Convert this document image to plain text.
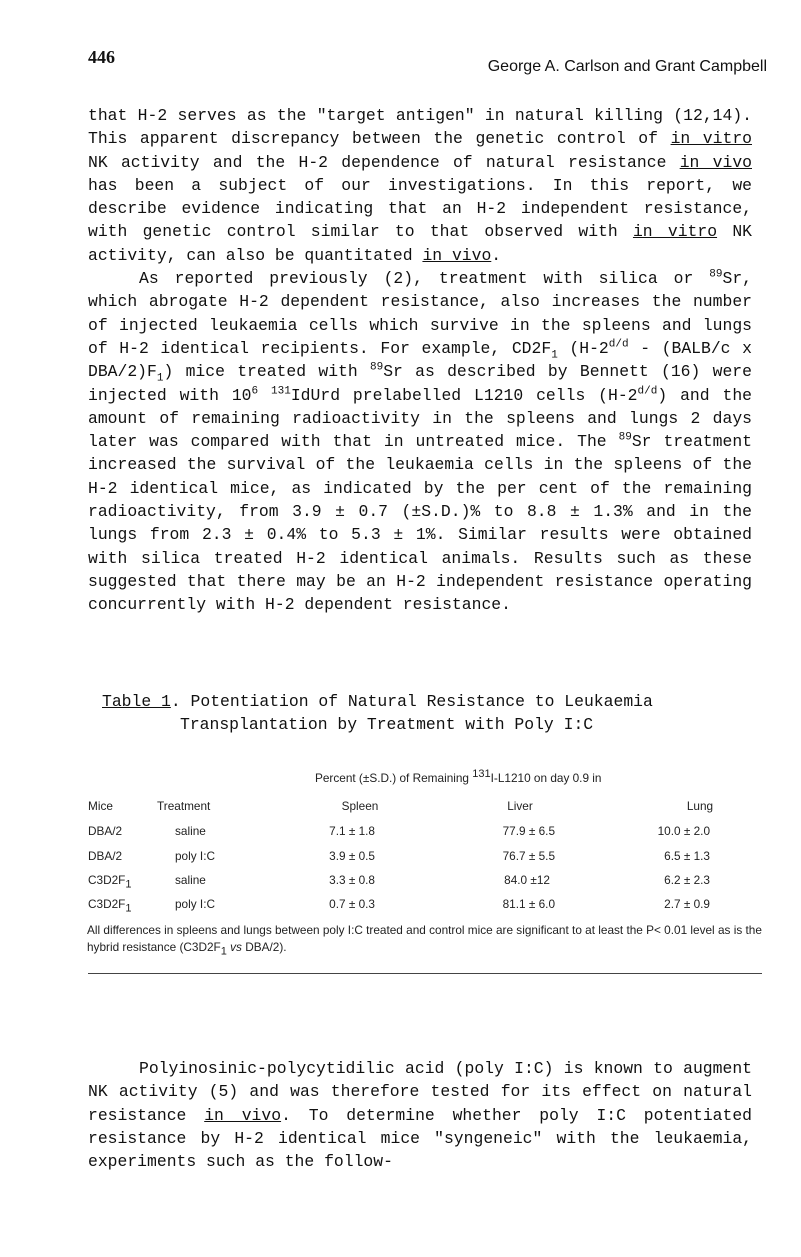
446	George A. Carlson and Grant Campbell

that H-2 serves as the "target antigen" in natural killing (12,14). This apparent discrepancy between the genetic control of in vitro NK activity and the H-2 dependence of natural resistance in vivo has been a subject of our investigations. In this report, we describe evidence indicating that an H-2 independent resistance, with genetic control similar to that observed with in vitro NK activity, can also be quantitated in vivo.

As reported previously (2), treatment with silica or $^{89}$Sr, which abrogate H-2 dependent resistance, also increases the number of injected leukaemia cells which survive in the spleens and lungs of H-2 identical recipients. For example, $CD2F_1$ ($H-2^{d/d}$ - (BALB/c x DBA/$2)F_1$) mice treated with $^{89}$Sr as described by Bennett (16) were injected with $10^6$ $^{131}$IdUrd prelabelled L1210 cells $(H-2^{d/d})$ and the amount of remaining radioactivity in the spleens and lungs 2 days later was compared with that in untreated mice. The $^{89}$Sr treatment increased the survival of the leukaemia cells in the spleens of the H-2 identical mice, as indicated by the per cent of the remaining radioactivity, from 3.9 ± 0.7 (±S.D.)% to 8.8 ± 1.3% and in the lungs from 2.3 ± 0.4% to 5.3 ± 1%. Similar results were obtained with silica treated H-2 identical animals. Results such as these suggested that there may be an H-2 independent resistance operating concurrently with H-2 dependent resistance.

Table 1. Potentiation of Natural Resistance to Leukaemia
Transplantation by Treatment with Poly I:C
Percent (±S.D.) of Remaining $^{131}$I-L1210 on day 0.9 in
Mice	Treatment	Spleen	Liver	Lung
DBA/2	saline	7.1 ± 1.8	77.9 ± 6.5	10.0 ± 2.0
DBA/2	poly I:C	3.9 ± 0.5	76.7 ± 5.5	6.5 ± 1.3
$C3D2F_1$	saline	3.3 ± 0.8	84.0 ±12	6.2 ± 2.3
$C3D2F_1$	poly I:C	0.7 ± 0.3	81.1 ± 6.0	2.7 ± 0.9
All differences in spleens and lungs between poly I:C treated and control mice are significant to at least the P< 0.01 level as is the hybrid resistance ($C3D2F_1$ vs DBA/2).

Polyinosinic-polycytidilic acid (poly I:C) is known to augment NK activity (5) and was therefore tested for its effect on natural resistance in vivo. To determine whether poly I:C potentiated resistance by H-2 identical mice "syngeneic" with the leukaemia, experiments such as the follow-
